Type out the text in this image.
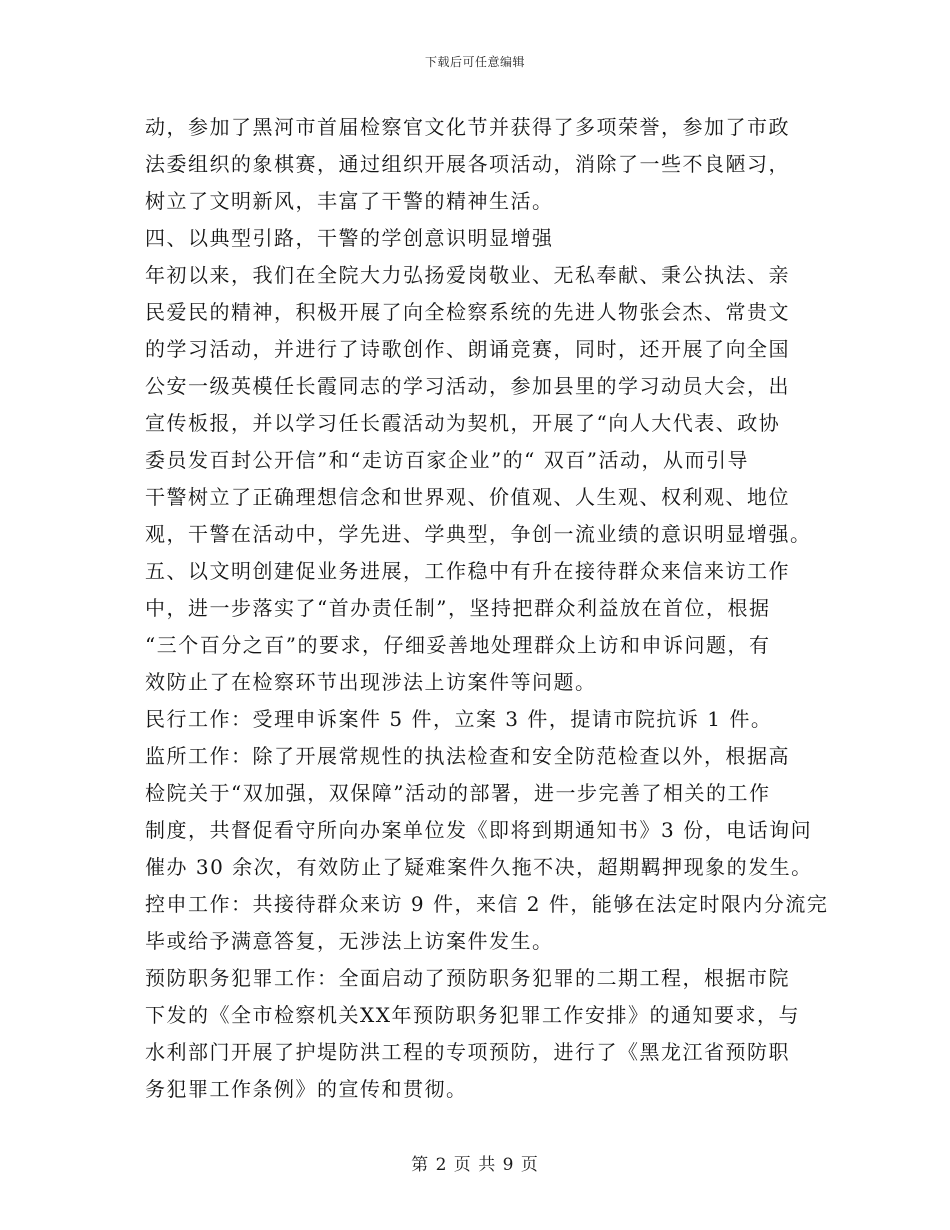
下载后可任意编辑
动，参加了黑河市首届检察官文化节并获得了多项荣誉，参加了市政
法委组织的象棋赛，通过组织开展各项活动，消除了一些不良陋习，
树立了文明新风，丰富了干警的精神生活。
四、以典型引路，干警的学创意识明显增强
年初以来，我们在全院大力弘扬爱岗敬业、无私奉献、秉公执法、亲
民爱民的精神，积极开展了向全检察系统的先进人物张会杰、常贵文
的学习活动，并进行了诗歌创作、朗诵竞赛，同时，还开展了向全国
公安一级英模任长霞同志的学习活动，参加县里的学习动员大会，出
宣传板报，并以学习任长霞活动为契机，开展了“向人大代表、政协
委员发百封公开信”和“走访百家企业”的“ 双百”活动，从而引导
干警树立了正确理想信念和世界观、价值观、人生观、权利观、地位
观，干警在活动中，学先进、学典型，争创一流业绩的意识明显增强。
五、以文明创建促业务进展，工作稳中有升在接待群众来信来访工作
中，进一步落实了“首办责任制”，坚持把群众利益放在首位，根据
“三个百分之百”的要求，仔细妥善地处理群众上访和申诉问题，有
效防止了在检察环节出现涉法上访案件等问题。
民行工作：受理申诉案件 5 件，立案 3 件，提请市院抗诉 1 件。
监所工作：除了开展常规性的执法检查和安全防范检查以外，根据高
检院关于“双加强，双保障”活动的部署，进一步完善了相关的工作
制度，共督促看守所向办案单位发《即将到期通知书》3 份，电话询问
催办 30 余次，有效防止了疑难案件久拖不决，超期羁押现象的发生。
控申工作：共接待群众来访 9 件，来信 2 件，能够在法定时限内分流完
毕或给予满意答复，无涉法上访案件发生。
预防职务犯罪工作：全面启动了预防职务犯罪的二期工程，根据市院
下发的《全市检察机关XX年预防职务犯罪工作安排》的通知要求，与
水利部门开展了护堤防洪工程的专项预防，进行了《黑龙江省预防职
务犯罪工作条例》的宣传和贯彻。
第 2 页 共 9 页
